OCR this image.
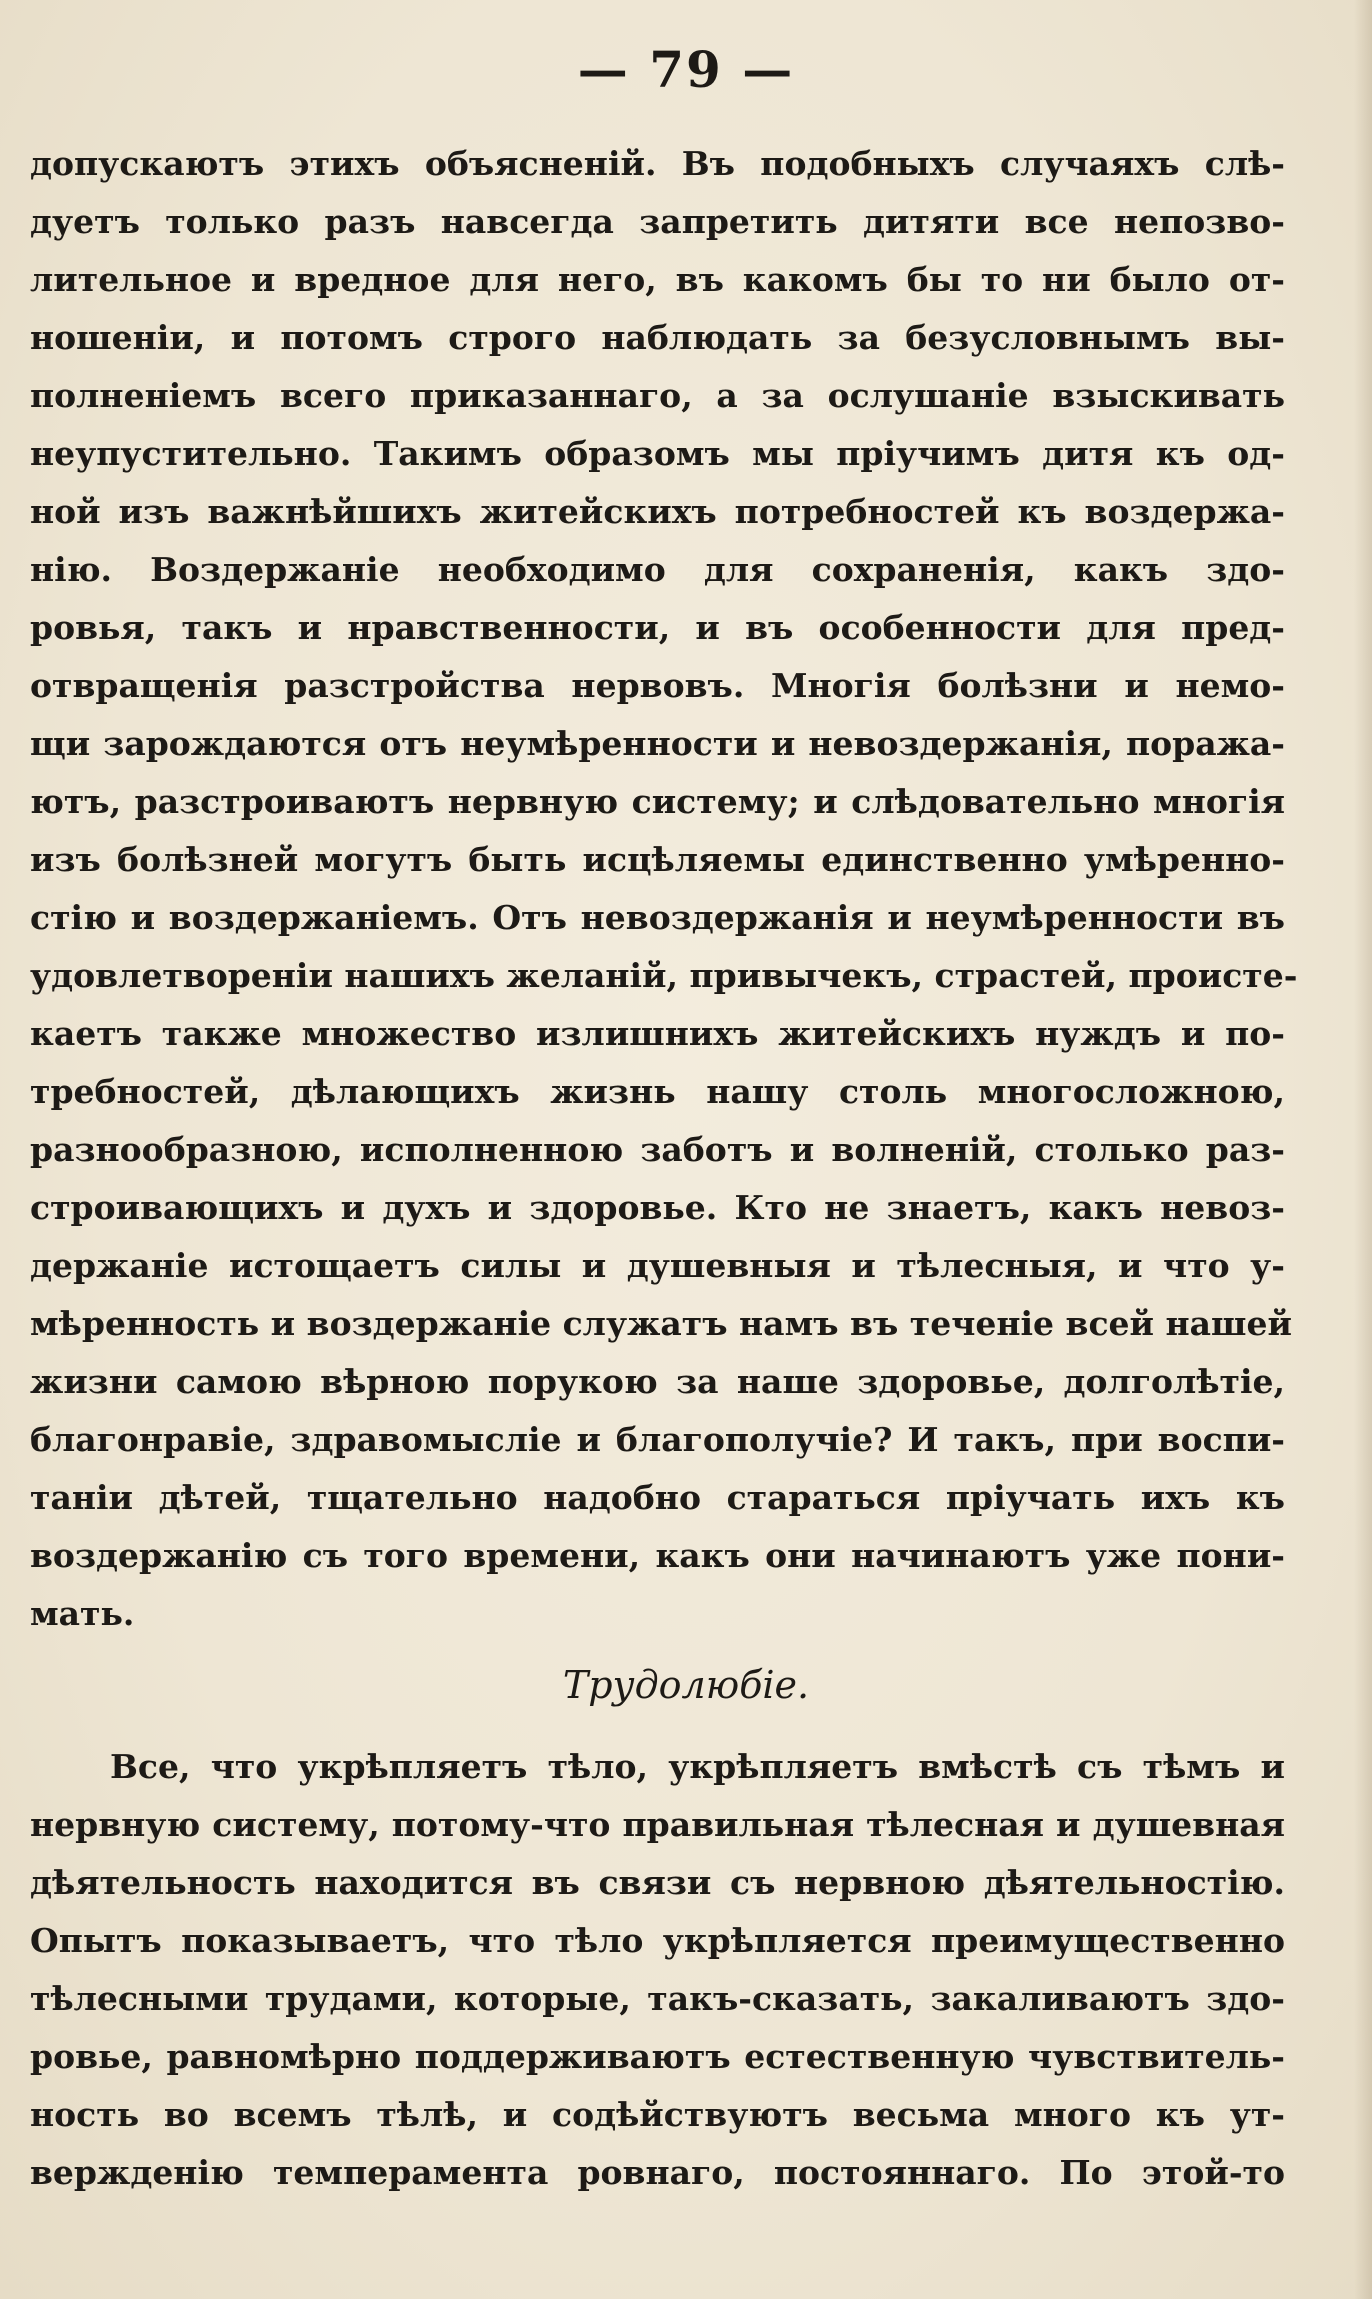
— 79 —
допускаютъ этихъ объясненій. Въ подобныхъ случаяхъ слѣ-
дуетъ только разъ навсегда запретить дитяти все непозво-
лительное и вредное для него, въ какомъ бы то ни было от-
ношеніи, и потомъ строго наблюдать за безусловнымъ вы-
полненіемъ всего приказаннаго, а за ослушаніе взыскивать
неупустительно. Такимъ образомъ мы пріучимъ дитя къ од-
ной изъ важнѣйшихъ житейскихъ потребностей къ воздержа-
нію. Воздержаніе необходимо для сохраненія, какъ здо-
ровья, такъ и нравственности, и въ особенности для пред-
отвращенія разстройства нервовъ. Многія болѣзни и немо-
щи зарождаются отъ неумѣренности и невоздержанія, поража-
ютъ, разстроиваютъ нервную систему; и слѣдовательно многія
изъ болѣзней могутъ быть исцѣляемы единственно умѣренно-
стію и воздержаніемъ. Отъ невоздержанія и неумѣренности въ
удовлетвореніи нашихъ желаній, привычекъ, страстей, проистe-
каетъ также множество излишнихъ житейскихъ нуждъ и по-
требностей, дѣлающихъ жизнь нашу столь многосложною,
разнообразною, исполненною заботъ и волненій, столько раз-
строивающихъ и духъ и здоровье. Кто не знаетъ, какъ невоз-
держаніе истощаетъ силы и душевныя и тѣлесныя, и что у-
мѣренность и воздержаніе служатъ намъ въ теченіе всей нашей
жизни самою вѣрною порукою за наше здоровье, долголѣтіе,
благонравіе, здравомысліе и благополучіе? И такъ, при воспи-
таніи дѣтей, тщательно надобно стараться пріучать ихъ къ
воздержанію съ того времени, какъ они начинаютъ уже пони-
мать.
Трудолюбіе.
Все, что укрѣпляетъ тѣло, укрѣпляетъ вмѣстѣ съ тѣмъ и
нервную систему, потому-что правильная тѣлесная и душевная
дѣятельность находится въ связи съ нервною дѣятельностію.
Опытъ показываетъ, что тѣло укрѣпляется преимущественно
тѣлесными трудами, которые, такъ-сказать, закаливаютъ здо-
ровье, равномѣрно поддерживаютъ естественную чувствитель-
ность во всемъ тѣлѣ, и содѣйствуютъ весьма много къ ут-
вержденію темперамента ровнаго, постояннаго. По этой-то
